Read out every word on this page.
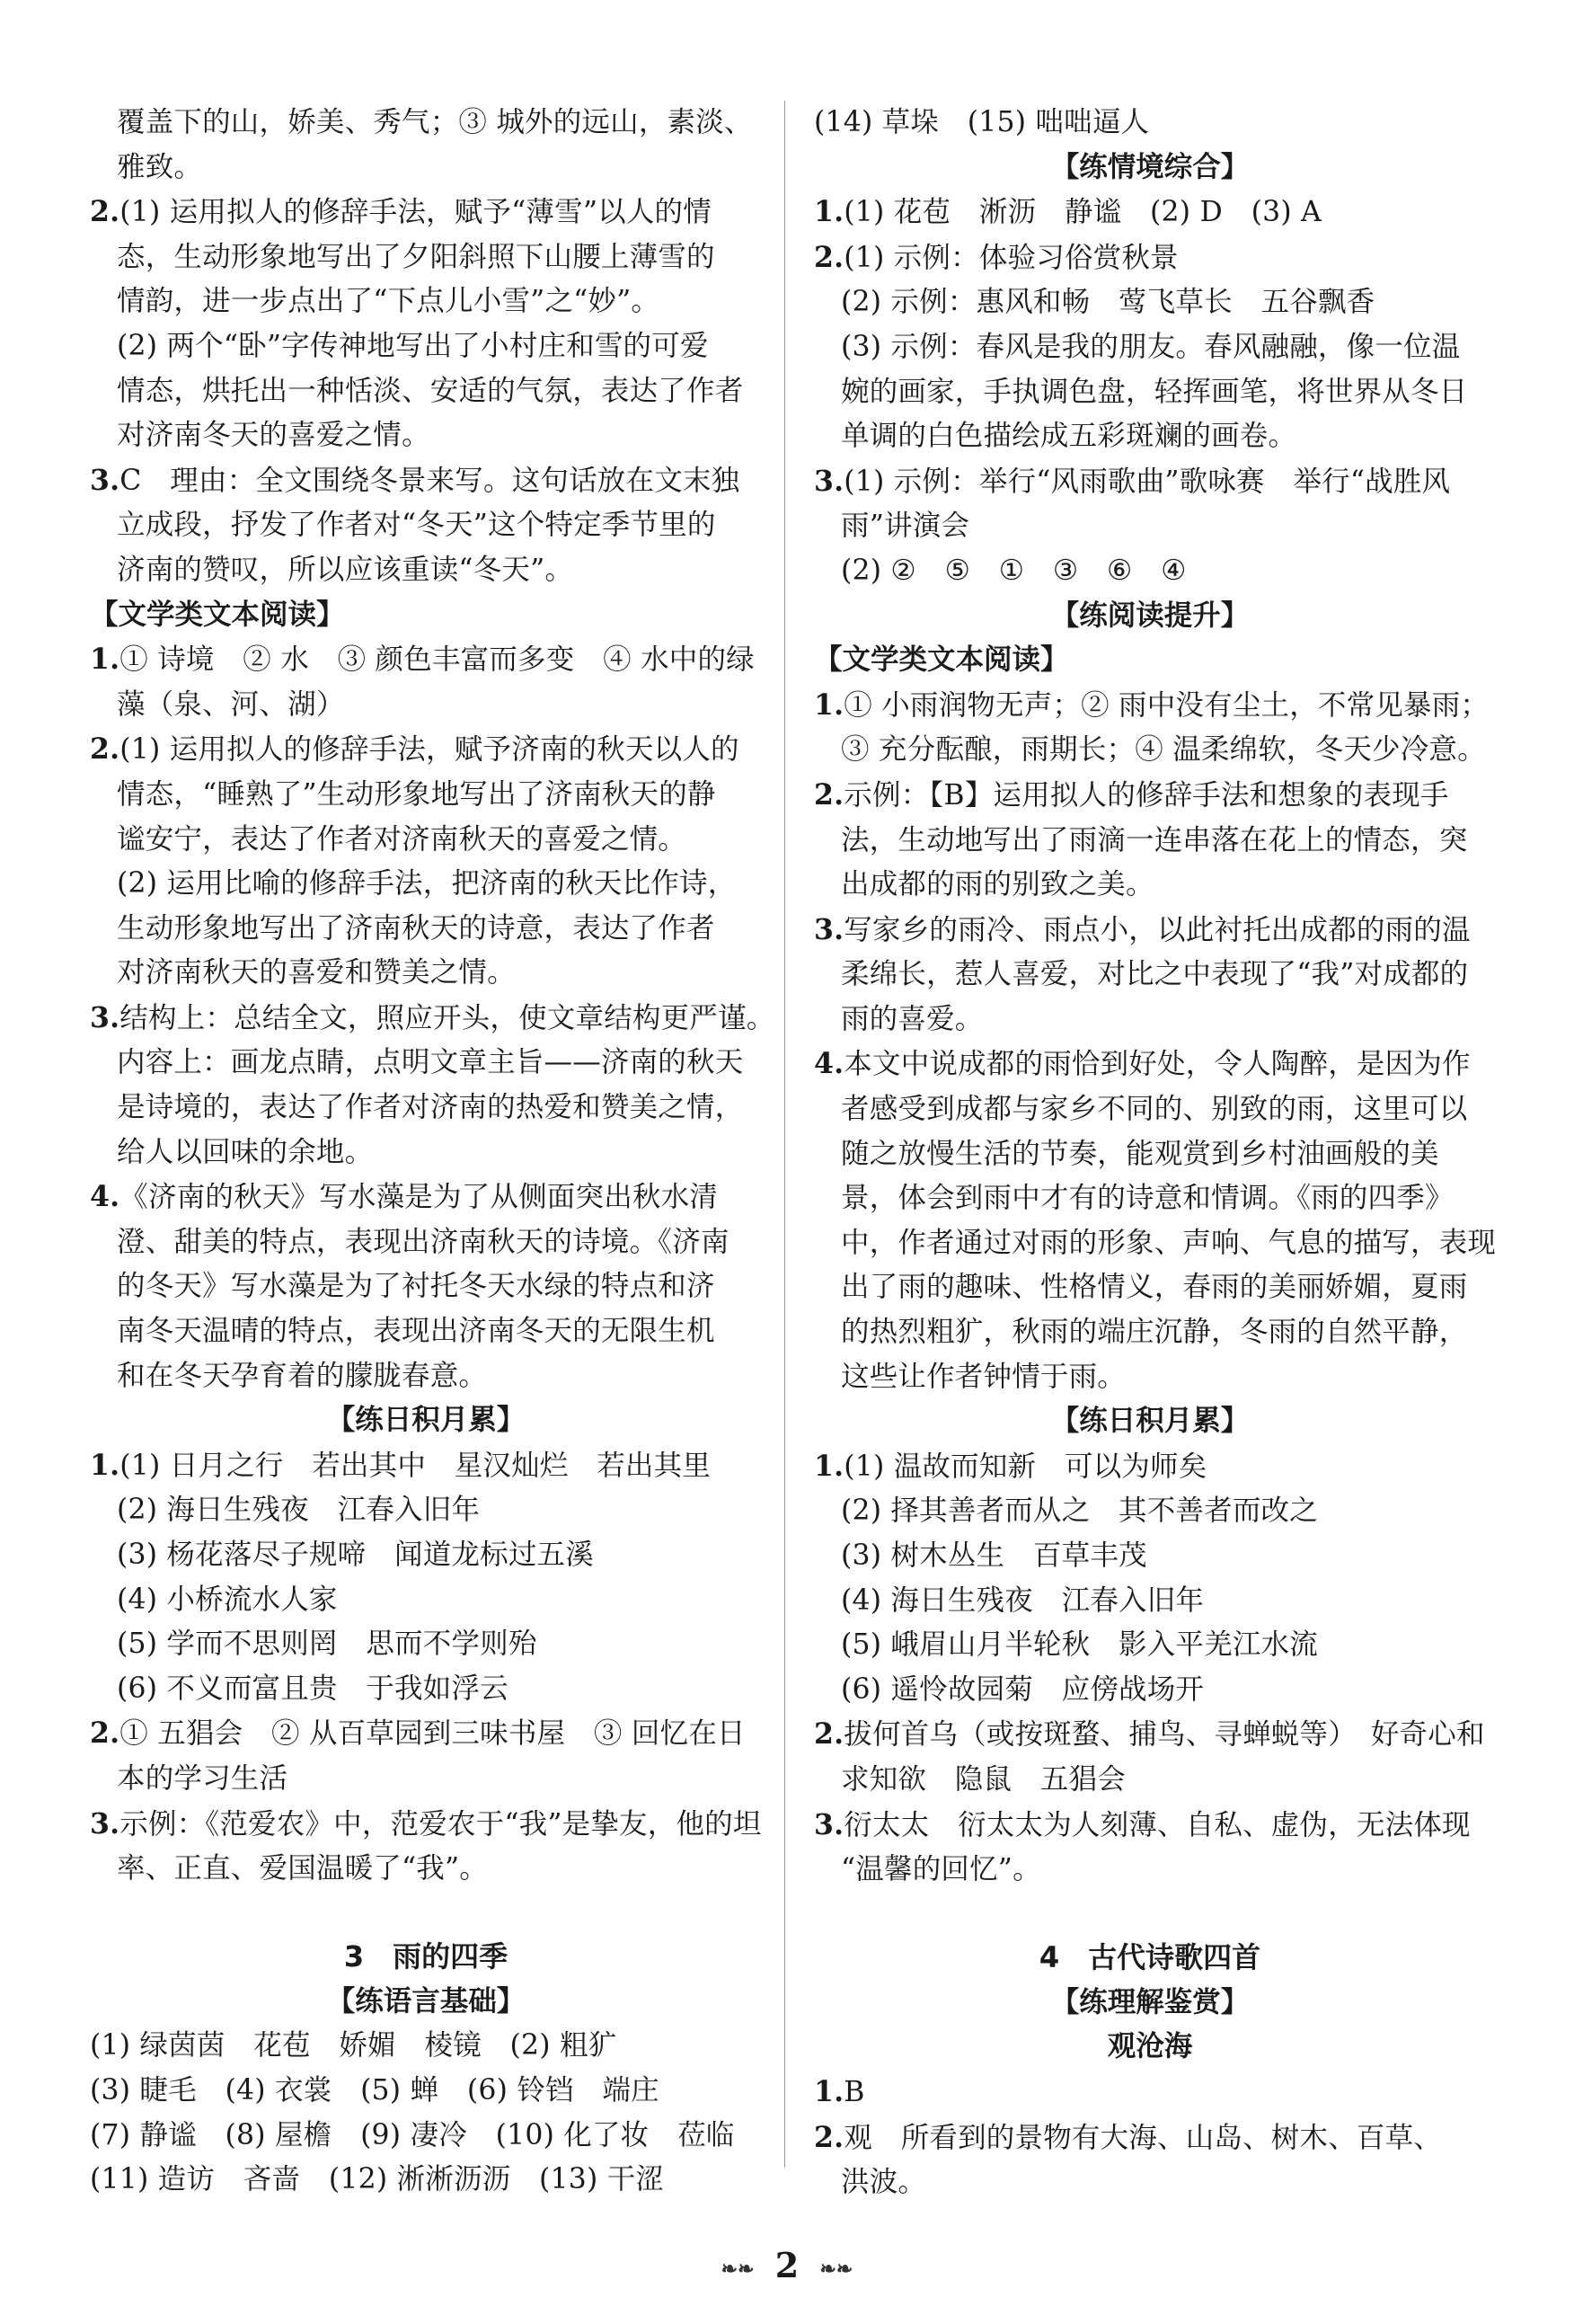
覆盖下的山，娇美、秀气；③ 城外的远山，素淡、
雅致。
2.(1) 运用拟人的修辞手法，赋予“薄雪”以人的情
态，生动形象地写出了夕阳斜照下山腰上薄雪的
情韵，进一步点出了“下点儿小雪”之“妙”。
(2) 两个“卧”字传神地写出了小村庄和雪的可爱
情态，烘托出一种恬淡、安适的气氛，表达了作者
对济南冬天的喜爱之情。
3.C　理由：全文围绕冬景来写。这句话放在文末独
立成段，抒发了作者对“冬天”这个特定季节里的
济南的赞叹，所以应该重读“冬天”。
【文学类文本阅读】
1.① 诗境　② 水　③ 颜色丰富而多变　④ 水中的绿
藻（泉、河、湖）
2.(1) 运用拟人的修辞手法，赋予济南的秋天以人的
情态，“睡熟了”生动形象地写出了济南秋天的静
谧安宁，表达了作者对济南秋天的喜爱之情。
(2) 运用比喻的修辞手法，把济南的秋天比作诗，
生动形象地写出了济南秋天的诗意，表达了作者
对济南秋天的喜爱和赞美之情。
3.结构上：总结全文，照应开头，使文章结构更严谨。
内容上：画龙点睛，点明文章主旨——济南的秋天
是诗境的，表达了作者对济南的热爱和赞美之情，
给人以回味的余地。
4.《济南的秋天》写水藻是为了从侧面突出秋水清
澄、甜美的特点，表现出济南秋天的诗境。《济南
的冬天》写水藻是为了衬托冬天水绿的特点和济
南冬天温晴的特点，表现出济南冬天的无限生机
和在冬天孕育着的朦胧春意。
【练日积月累】
1.(1) 日月之行　若出其中　星汉灿烂　若出其里
(2) 海日生残夜　江春入旧年
(3) 杨花落尽子规啼　闻道龙标过五溪
(4) 小桥流水人家
(5) 学而不思则罔　思而不学则殆
(6) 不义而富且贵　于我如浮云
2.① 五猖会　② 从百草园到三味书屋　③ 回忆在日
本的学习生活
3.示例：《范爱农》中，范爱农于“我”是挚友，他的坦
率、正直、爱国温暖了“我”。
3　雨的四季
【练语言基础】
(1) 绿茵茵　花苞　娇媚　棱镜　(2) 粗犷
(3) 睫毛　(4) 衣裳　(5) 蝉　(6) 铃铛　端庄
(7) 静谧　(8) 屋檐　(9) 凄冷　(10) 化了妆　莅临
(11) 造访　吝啬　(12) 淅淅沥沥　(13) 干涩
(14) 草垛　(15) 咄咄逼人
【练情境综合】
1.(1) 花苞　淅沥　静谧　(2) D　(3) A
2.(1) 示例：体验习俗赏秋景
(2) 示例：惠风和畅　莺飞草长　五谷飘香
(3) 示例：春风是我的朋友。春风融融，像一位温
婉的画家，手执调色盘，轻挥画笔，将世界从冬日
单调的白色描绘成五彩斑斓的画卷。
3.(1) 示例：举行“风雨歌曲”歌咏赛　举行“战胜风
雨”讲演会
(2) ②　⑤　①　③　⑥　④
【练阅读提升】
【文学类文本阅读】
1.① 小雨润物无声；② 雨中没有尘土，不常见暴雨；
③ 充分酝酿，雨期长；④ 温柔绵软，冬天少冷意。
2.示例：【B】运用拟人的修辞手法和想象的表现手
法，生动地写出了雨滴一连串落在花上的情态，突
出成都的雨的别致之美。
3.写家乡的雨冷、雨点小，以此衬托出成都的雨的温
柔绵长，惹人喜爱，对比之中表现了“我”对成都的
雨的喜爱。
4.本文中说成都的雨恰到好处，令人陶醉，是因为作
者感受到成都与家乡不同的、别致的雨，这里可以
随之放慢生活的节奏，能观赏到乡村油画般的美
景，体会到雨中才有的诗意和情调。《雨的四季》
中，作者通过对雨的形象、声响、气息的描写，表现
出了雨的趣味、性格情义，春雨的美丽娇媚，夏雨
的热烈粗犷，秋雨的端庄沉静，冬雨的自然平静，
这些让作者钟情于雨。
【练日积月累】
1.(1) 温故而知新　可以为师矣
(2) 择其善者而从之　其不善者而改之
(3) 树木丛生　百草丰茂
(4) 海日生残夜　江春入旧年
(5) 峨眉山月半轮秋　影入平羌江水流
(6) 遥怜故园菊　应傍战场开
2.拔何首乌（或按斑蝥、捕鸟、寻蝉蜕等）　好奇心和
求知欲　隐鼠　五猖会
3.衍太太　衍太太为人刻薄、自私、虚伪，无法体现
“温馨的回忆”。
4　古代诗歌四首
【练理解鉴赏】
观沧海
1.B
2.观　所看到的景物有大海、山岛、树木、百草、
洪波。
❧❧ 2 ❧❧
